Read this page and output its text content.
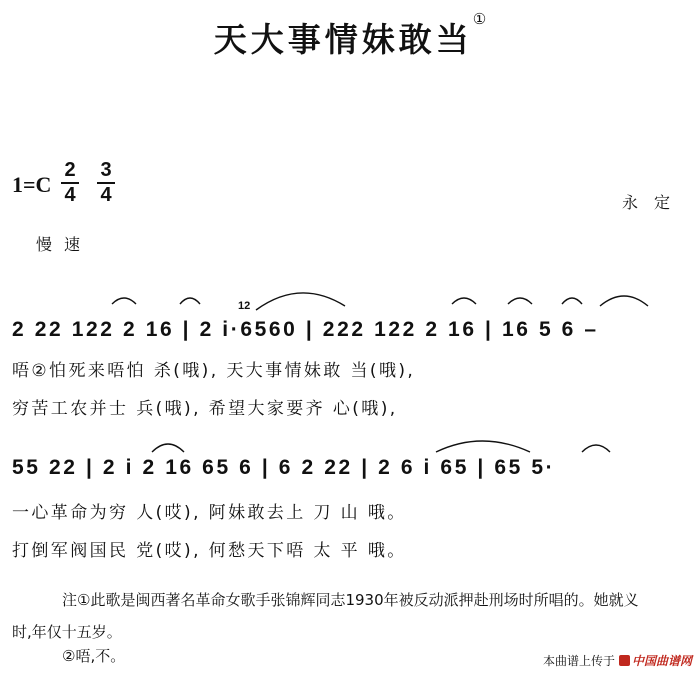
天大事情妹敢当①
1=C
2
4
3
4	永定
慢速
2 22 122 2 16 | 2 i·6560 | 222 122 2 16 | 16 5 6 –
12
唔②怕死来唔怕 杀(哦), 天大事情妹敢 当(哦),
穷苦工农并士 兵(哦), 希望大家要齐 心(哦),
55 22 | 2 i 2 16 65 6 | 6 2 22 | 2 6 i 65 | 65 5·
一心革命为穷 人(哎), 阿妹敢去上 刀 山 哦。
打倒军阀国民 党(哎), 何愁天下唔 太 平 哦。
注①此歌是闽西著名革命女歌手张锦辉同志1930年被反动派押赴刑场时所唱的。她就义时,年仅十五岁。
②唔,不。	本曲谱上传于 中国曲谱网
